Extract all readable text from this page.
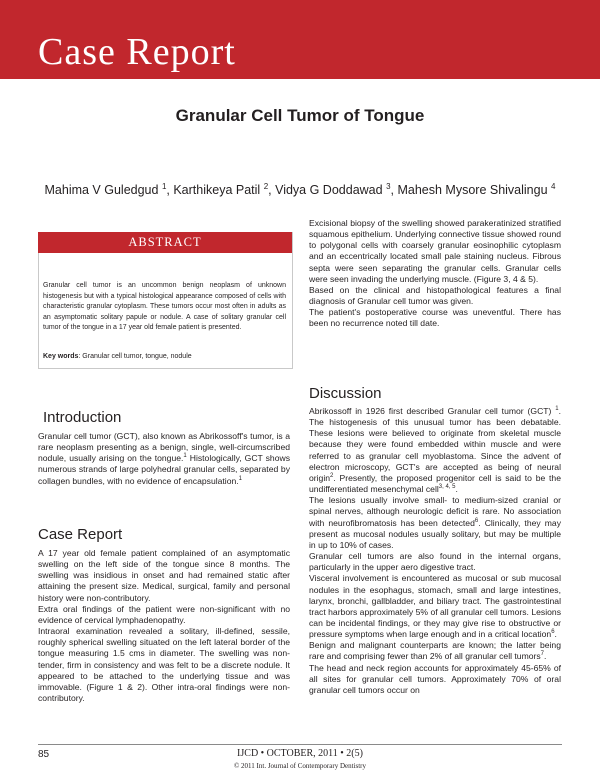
Case Report
Granular Cell Tumor of Tongue
Mahima V Guledgud $^1$, Karthikeya Patil $^2$, Vidya G Doddawad $^3$, Mahesh Mysore Shivalingu $^4$
ABSTRACT

Granular cell tumor is an uncommon benign neoplasm of unknown histogenesis but with a typical histological appearance composed of cells with characteristic granular cytoplasm. These tumors occur most often in adults as an asymptomatic solitary papule or nodule. A case of solitary granular cell tumor of the tongue in a 17 year old female patient is presented.

Key words: Granular cell tumor, tongue, nodule

Introduction

Granular cell tumor (GCT), also known as Abrikossoff's tumor, is a rare neoplasm presenting as a benign, single, well-circumscribed nodule, usually arising on the tongue.$^1$ Histologically, GCT shows numerous strands of large polyhedral granular cells, separated by collagen bundles, with no evidence of encapsulation.$^1$

Case Report

A 17 year old female patient complained of an asymptomatic swelling on the left side of the tongue since 8 months. The swelling was insidious in onset and had remained static after attaining the present size. Medical, surgical, family and personal history were non-contributory.

Extra oral findings of the patient were non-significant with no evidence of cervical lymphadenopathy.

Intraoral examination revealed a solitary, ill-defined, sessile, roughly spherical swelling situated on the left lateral border of the tongue measuring 1.5 cms in diameter. The swelling was non-tender, firm in consistency and was felt to be a discrete nodule. It appeared to be attached to the underlying tissue and was immovable. (Figure 1 & 2). Other intra-oral findings were non-contributory.

Excisional biopsy of the swelling showed parakeratinized stratified squamous epithelium. Underlying connective tissue showed round to polygonal cells with coarsely granular eosinophilic cytoplasm and an eccentrically located small pale staining nucleus. Fibrous septa were seen separating the granular cells. Granular cells were seen invading the underlying muscle. (Figure 3, 4 & 5).

Based on the clinical and histopathological features a final diagnosis of Granular cell tumor was given.

The patient's postoperative course was uneventful. There has been no recurrence noted till date.

Discussion

Abrikossoff in 1926 first described Granular cell tumor (GCT) $^1$. The histogenesis of this unusual tumor has been debatable. These lesions were believed to originate from skeletal muscle because they were found embedded within muscle and were referred to as granular cell myoblastoma. Since the advent of electron microscopy, GCT's are accepted as being of neural origin$^2$. Presently, the proposed progenitor cell is said to be the undifferentiated mesenchymal cell$^{3, 4, 5}$.

The lesions usually involve small- to medium-sized cranial or spinal nerves, although neurologic deficit is rare. No association with neurofibromatosis has been detected$^6$. Clinically, they may present as mucosal nodules usually solitary, but may be multiple in up to 10% of cases.

Granular cell tumors are also found in the internal organs, particularly in the upper aero digestive tract.

Visceral involvement is encountered as mucosal or sub mucosal nodules in the esophagus, stomach, small and large intestines, larynx, bronchi, gallbladder, and biliary tract. The gastrointestinal tract harbors approximately 5% of all granular cell tumors. Lesions can be incidental findings, or they may give rise to obstructive or pressure symptoms when large enough and in a critical location$^6$.

Benign and malignant counterparts are known; the latter being rare and comprising fewer than 2% of all granular cell tumors$^7$.

The head and neck region accounts for approximately 45-65% of all sites for granular cell tumors. Approximately 70% of oral granular cell tumors occur on

85	IJCD • OCTOBER, 2011 • 2(5)
© 2011 Int. Journal of Contemporary Dentistry
